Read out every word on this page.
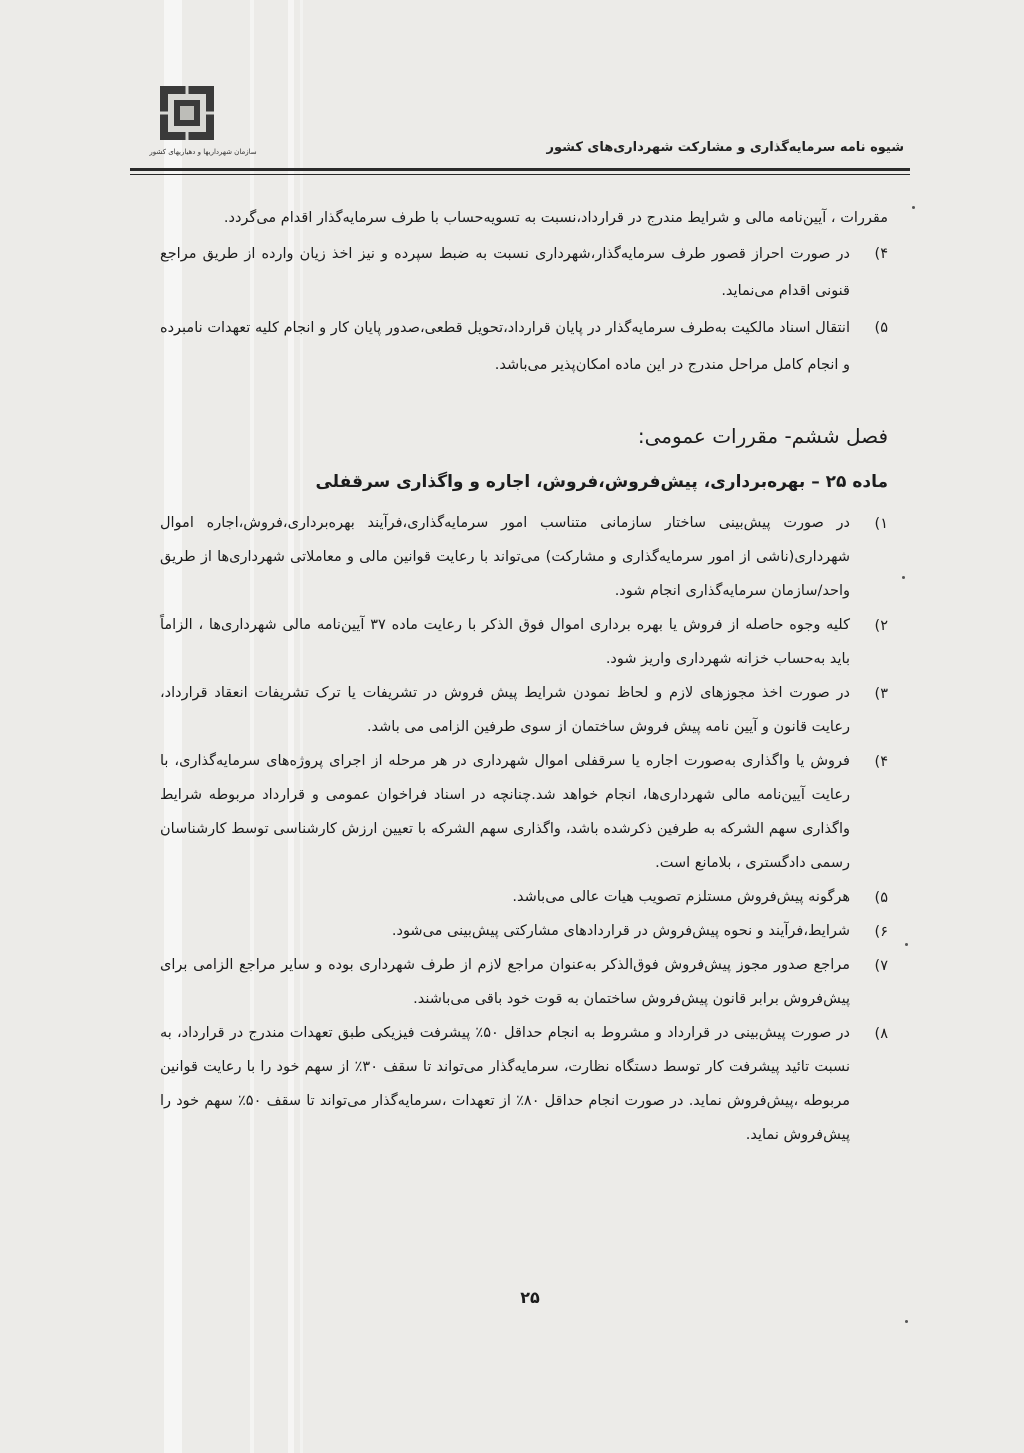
سازمان شهرداریها و دهیاریهای کشور	شیوه نامه سرمایه‌گذاری و مشارکت شهرداری‌های کشور

مقررات ، آیین‌نامه مالی و شرایط مندرج در قرارداد،نسبت به تسویه‌حساب با طرف سرمایه‌گذار اقدام می‌گردد.

۴)
در صورت احراز قصور طرف سرمایه‌گذار،شهرداری نسبت به ضبط سپرده و نیز اخذ زیان وارده از طریق مراجع قنونی اقدام می‌نماید.
۵)
انتقال اسناد مالکیت به‌طرف سرمایه‌گذار در پایان قرارداد،تحویل قطعی،صدور پایان کار و انجام کلیه تعهدات نامبرده و انجام کامل مراحل مندرج در این ماده امکان‌پذیر می‌باشد.
فصل ششم- مقررات عمومی:
ماده ۲۵ – بهره‌برداری، پیش‌فروش،فروش، اجاره و واگذاری سرقفلی
۱)
در صورت پیش‌بینی ساختار سازمانی متناسب امور سرمایه‌گذاری،فرآیند بهره‌برداری،فروش،اجاره اموال شهرداری(ناشی از امور سرمایه‌گذاری و مشارکت) می‌تواند با رعایت قوانین مالی و معاملاتی شهرداری‌ها از طریق واحد/سازمان سرمایه‌گذاری انجام شود.
۲)
کلیه وجوه حاصله از فروش یا بهره برداری اموال فوق الذکر با رعایت ماده ۳۷ آیین‌نامه مالی شهرداری‌ها ، الزاماً باید به‌حساب خزانه شهرداری واریز شود.
۳)
در صورت اخذ مجوزهای لازم و لحاظ نمودن شرایط پیش فروش در تشریفات یا ترک تشریفات انعقاد قرارداد، رعایت قانون و آیین نامه پیش فروش ساختمان از سوی طرفین الزامی می باشد.
۴)
فروش یا واگذاری به‌صورت اجاره یا سرقفلی اموال شهرداری در هر مرحله از اجرای پروژه‌های سرمایه‌گذاری، با رعایت آیین‌نامه مالی شهرداری‌ها، انجام خواهد شد.چنانچه در اسناد فراخوان عمومی و قرارداد مربوطه شرایط واگذاری سهم الشرکه به طرفین ذکرشده باشد، واگذاری سهم الشرکه با تعیین ارزش کارشناسی توسط کارشناسان رسمی دادگستری ، بلامانع است.
۵)
هرگونه پیش‌فروش مستلزم تصویب هیات عالی می‌باشد.
۶)
شرایط،فرآیند و نحوه پیش‌فروش در قراردادهای مشارکتی پیش‌بینی می‌شود.
۷)
مراجع صدور مجوز پیش‌فروش فوق‌الذکر به‌عنوان مراجع لازم از طرف شهرداری بوده و سایر مراجع الزامی برای پیش‌فروش برابر قانون پیش‌فروش ساختمان به قوت خود باقی می‌باشند.
۸)
در صورت پیش‌بینی در قرارداد و مشروط به انجام حداقل ۵۰٪ پیشرفت فیزیکی طبق تعهدات مندرج در قرارداد، به نسبت تائید پیشرفت کار توسط دستگاه نظارت، سرمایه‌گذار می‌تواند تا سقف ۳۰٪ از سهم خود را با رعایت قوانین مربوطه ،پیش‌فروش نماید. در صورت انجام حداقل ۸۰٪ از تعهدات ،سرمایه‌گذار می‌تواند تا سقف ۵۰٪ سهم خود را پیش‌فروش نماید.
۲۵
